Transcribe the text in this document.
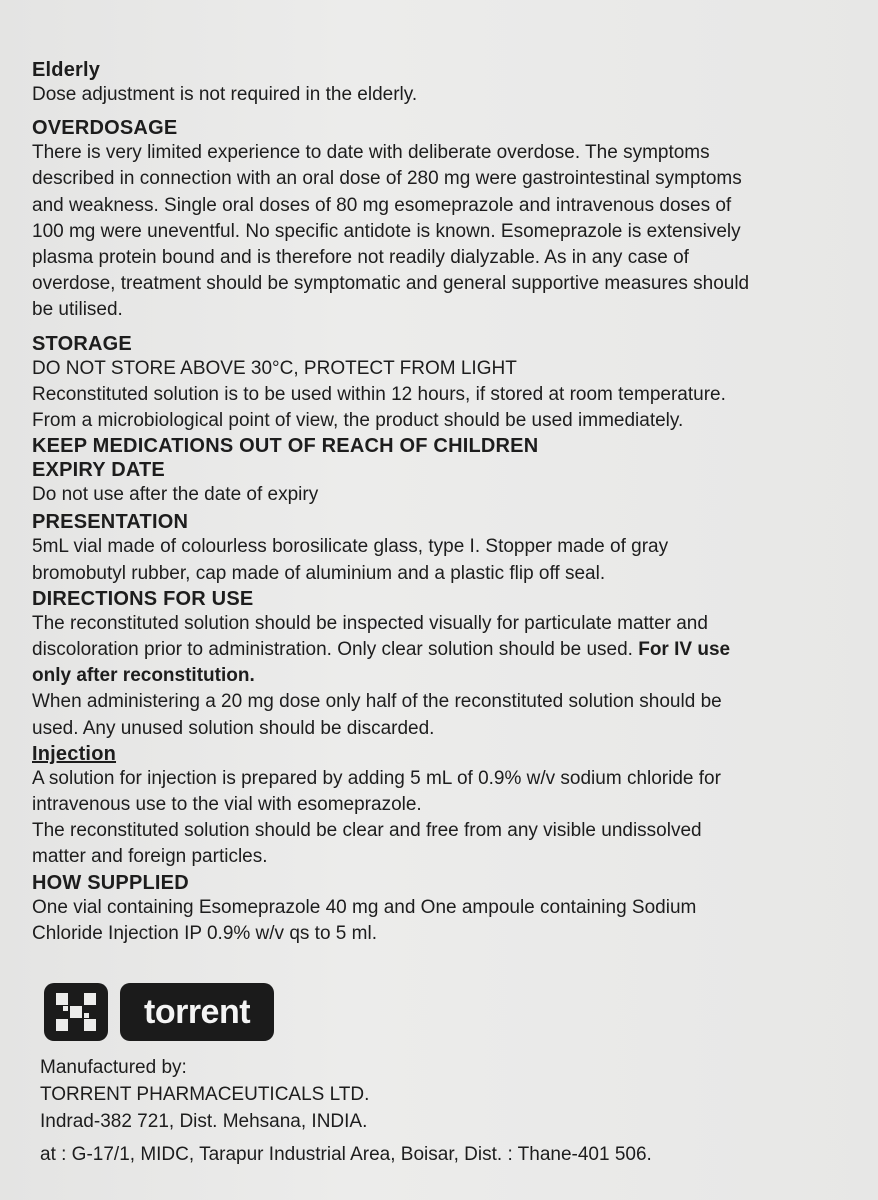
Elderly
Dose adjustment is not required in the elderly.
OVERDOSAGE
There is very limited experience to date with deliberate overdose. The symptoms
described in connection with an oral dose of 280 mg were gastrointestinal symptoms
and weakness. Single oral doses of 80 mg esomeprazole and intravenous doses of
100 mg were uneventful. No specific antidote is known. Esomeprazole is extensively
plasma protein bound and is therefore not readily dialyzable. As in any case of
overdose, treatment should be symptomatic and general supportive measures should
be utilised.
STORAGE
DO NOT STORE ABOVE 30°C, PROTECT FROM LIGHT
Reconstituted solution is to be used within 12 hours, if stored at room temperature.
From a microbiological point of view, the product should be used immediately.
KEEP MEDICATIONS OUT OF REACH OF CHILDREN
EXPIRY DATE
Do not use after the date of expiry
PRESENTATION
5mL vial made of colourless borosilicate glass, type I. Stopper made of gray
bromobutyl rubber, cap made of aluminium and a plastic flip off seal.
DIRECTIONS FOR USE
The reconstituted solution should be inspected visually for particulate matter and
discoloration prior to administration. Only clear solution should be used. For IV use
only after reconstitution.
When administering a 20 mg dose only half of the reconstituted solution should be
used. Any unused solution should be discarded.
Injection
A solution for injection is prepared by adding 5 mL of 0.9% w/v sodium chloride for
intravenous use to the vial with esomeprazole.
The reconstituted solution should be clear and free from any visible undissolved
matter and foreign particles.
HOW SUPPLIED
One vial containing Esomeprazole 40 mg and One ampoule containing Sodium
Chloride Injection IP 0.9% w/v qs to 5 ml.
torrent
Manufactured by:
TORRENT PHARMACEUTICALS LTD.
Indrad-382 721, Dist. Mehsana, INDIA.
at : G-17/1, MIDC, Tarapur Industrial Area, Boisar, Dist. : Thane-401 506.
